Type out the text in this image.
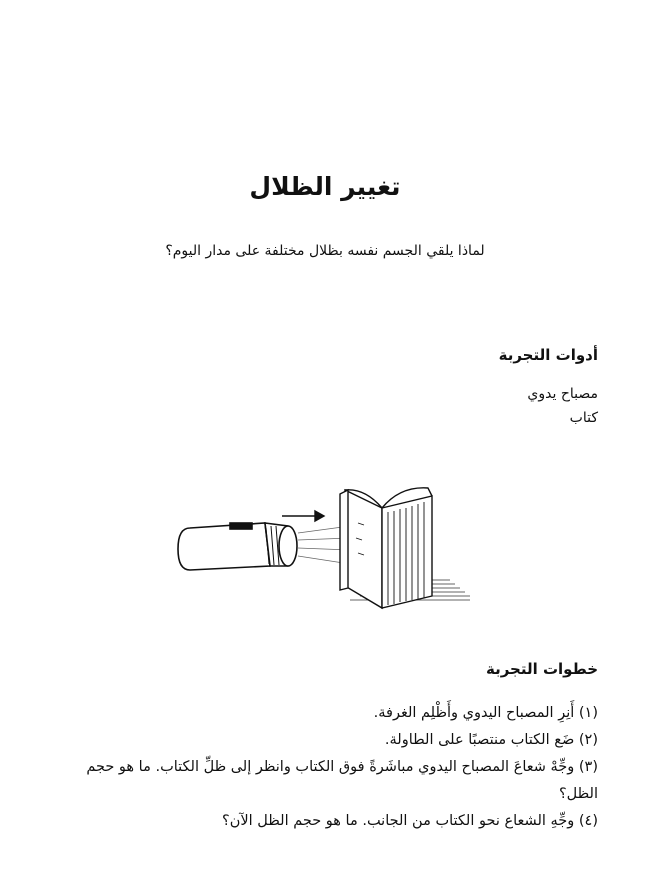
تغيير الظلال
لماذا يلقي الجسم نفسه بظلال مختلفة على مدار اليوم؟
أدوات التجربة
مصباح يدوي
كتاب
خطوات التجربة

(١) أَنِرِ المصباح اليدوي وأَظْلِم الغرفة.

(٢) ضَع الكتاب منتصبًا على الطاولة.

(٣) وجِّهْ شعاعَ المصباح اليدوي مباشَرةً فوق الكتاب وانظر إلى ظلِّ الكتاب. ما هو حجم الظل؟

(٤) وجِّهِ الشعاع نحو الكتاب من الجانب. ما هو حجم الظل الآن؟
